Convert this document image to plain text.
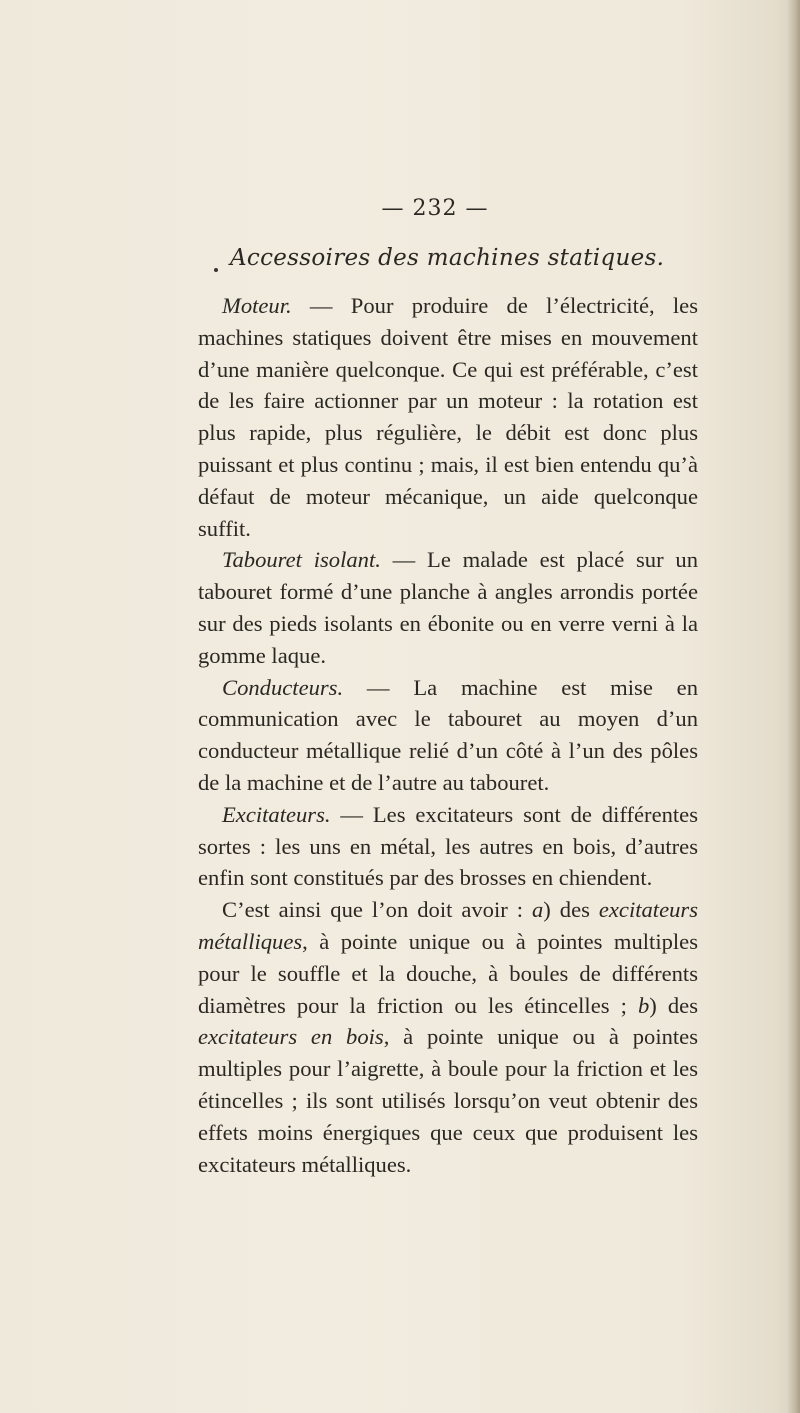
— 232 —
Accessoires des machines statiques.

Moteur. — Pour produire de l’électricité, les machines statiques doivent être mises en mouvement d’une manière quelconque. Ce qui est préférable, c’est de les faire actionner par un moteur : la rotation est plus rapide, plus régulière, le débit est donc plus puissant et plus continu ; mais, il est bien entendu qu’à défaut de moteur mécanique, un aide quelconque suffit.

Tabouret isolant. — Le malade est placé sur un tabouret formé d’une planche à angles arrondis portée sur des pieds isolants en ébonite ou en verre verni à la gomme laque.

Conducteurs. — La machine est mise en communication avec le tabouret au moyen d’un conducteur métallique relié d’un côté à l’un des pôles de la machine et de l’autre au tabouret.

Excitateurs. — Les excitateurs sont de différentes sortes : les uns en métal, les autres en bois, d’autres enfin sont constitués par des brosses en chiendent.

C’est ainsi que l’on doit avoir : a) des excitateurs métalliques, à pointe unique ou à pointes multiples pour le souffle et la douche, à boules de différents diamètres pour la friction ou les étincelles ; b) des excitateurs en bois, à pointe unique ou à pointes multiples pour l’aigrette, à boule pour la friction et les étincelles ; ils sont utilisés lorsqu’on veut obtenir des effets moins énergiques que ceux que produisent les excitateurs métalliques.
